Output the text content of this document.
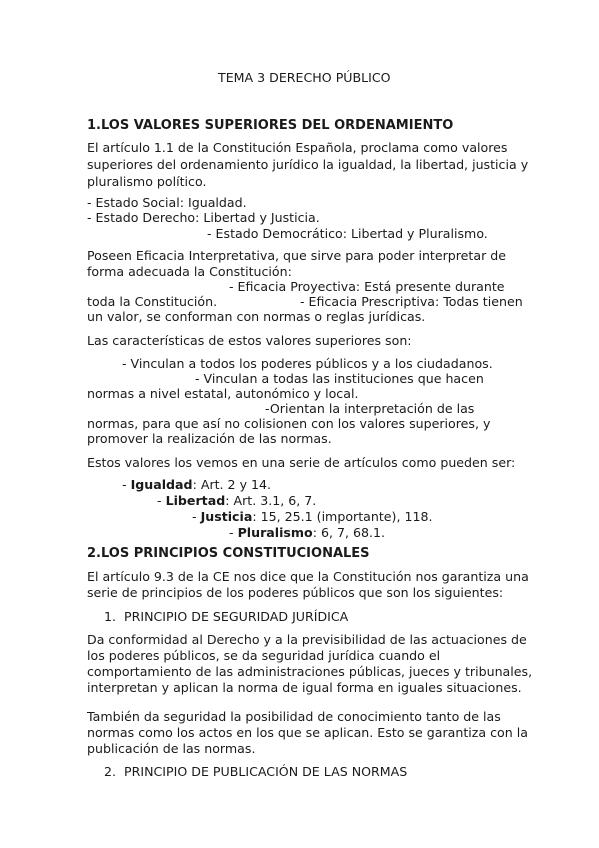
TEMA 3 DERECHO PÚBLICO
1.LOS VALORES SUPERIORES DEL ORDENAMIENTO
El artículo 1.1 de la Constitución Española, proclama como valores
superiores del ordenamiento jurídico la igualdad, la libertad, justicia y
pluralismo político.
- Estado Social: Igualdad.
- Estado Derecho: Libertad y Justicia.
- Estado Democrático: Libertad y Pluralismo.
Poseen Eficacia Interpretativa, que sirve para poder interpretar de
forma adecuada la Constitución:
- Eficacia Proyectiva: Está presente durante
toda la Constitución.	- Eficacia Prescriptiva: Todas tienen
un valor, se conforman con normas o reglas jurídicas.
Las características de estos valores superiores son:
- Vinculan a todos los poderes públicos y a los ciudadanos.
- Vinculan a todas las instituciones que hacen
normas a nivel estatal, autonómico y local.
-Orientan la interpretación de las
normas, para que así no colisionen con los valores superiores, y
promover la realización de las normas.
Estos valores los vemos en una serie de artículos como pueden ser:
- Igualdad: Art. 2 y 14.
- Libertad: Art. 3.1, 6, 7.
- Justicia: 15, 25.1 (importante), 118.
- Pluralismo: 6, 7, 68.1.
2.LOS PRINCIPIOS CONSTITUCIONALES
El artículo 9.3 de la CE nos dice que la Constitución nos garantiza una
serie de principios de los poderes públicos que son los siguientes:
1. PRINCIPIO DE SEGURIDAD JURÍDICA
Da conformidad al Derecho y a la previsibilidad de las actuaciones de
los poderes públicos, se da seguridad jurídica cuando el
comportamiento de las administraciones públicas, jueces y tribunales,
interpretan y aplican la norma de igual forma en iguales situaciones.
También da seguridad la posibilidad de conocimiento tanto de las
normas como los actos en los que se aplican. Esto se garantiza con la
publicación de las normas.
2. PRINCIPIO DE PUBLICACIÓN DE LAS NORMAS
